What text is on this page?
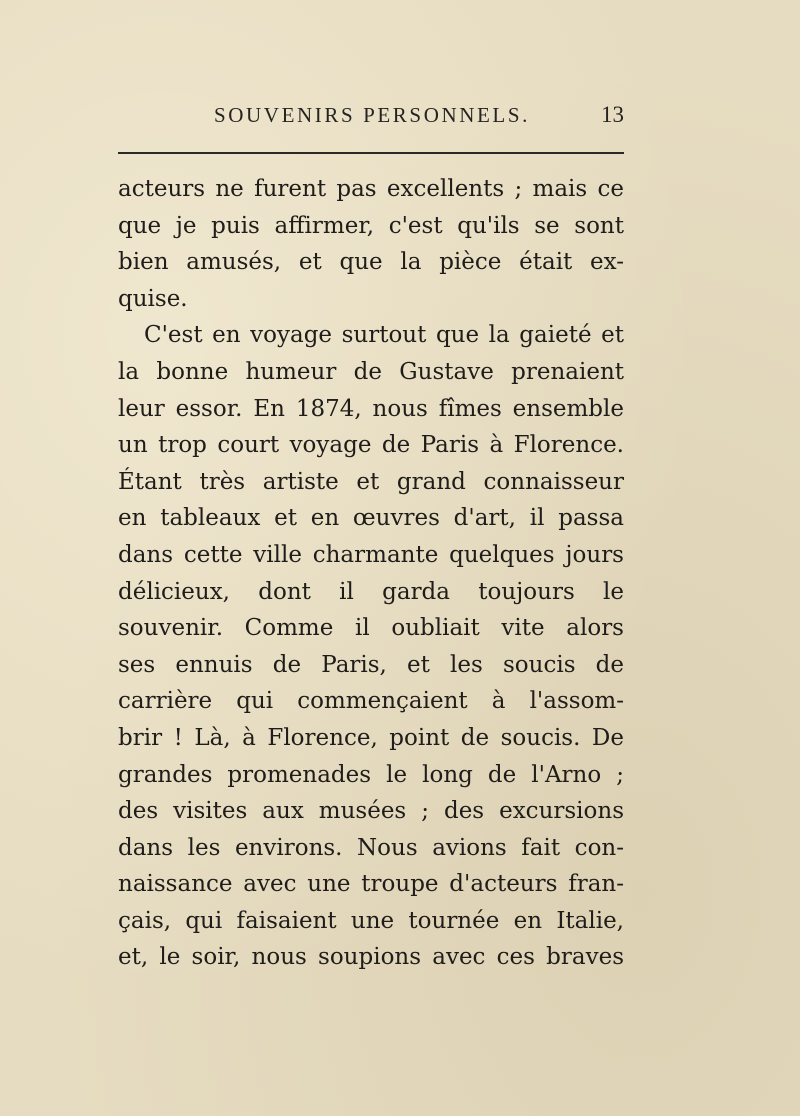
SOUVENIRS PERSONNELS.	13
acteurs ne furent pas excellents ; mais ce
que je puis affirmer, c'est qu'ils se sont
bien amusés, et que la pièce était ex-
quise.
C'est en voyage surtout que la gaieté et
la bonne humeur de Gustave prenaient
leur essor. En 1874, nous fîmes ensemble
un trop court voyage de Paris à Florence.
Étant très artiste et grand connaisseur
en tableaux et en œuvres d'art, il passa
dans cette ville charmante quelques jours
délicieux, dont il garda toujours le
souvenir. Comme il oubliait vite alors
ses ennuis de Paris, et les soucis de
carrière qui commençaient à l'assom-
brir ! Là, à Florence, point de soucis. De
grandes promenades le long de l'Arno ;
des visites aux musées ; des excursions
dans les environs. Nous avions fait con-
naissance avec une troupe d'acteurs fran-
çais, qui faisaient une tournée en Italie,
et, le soir, nous soupions avec ces braves
